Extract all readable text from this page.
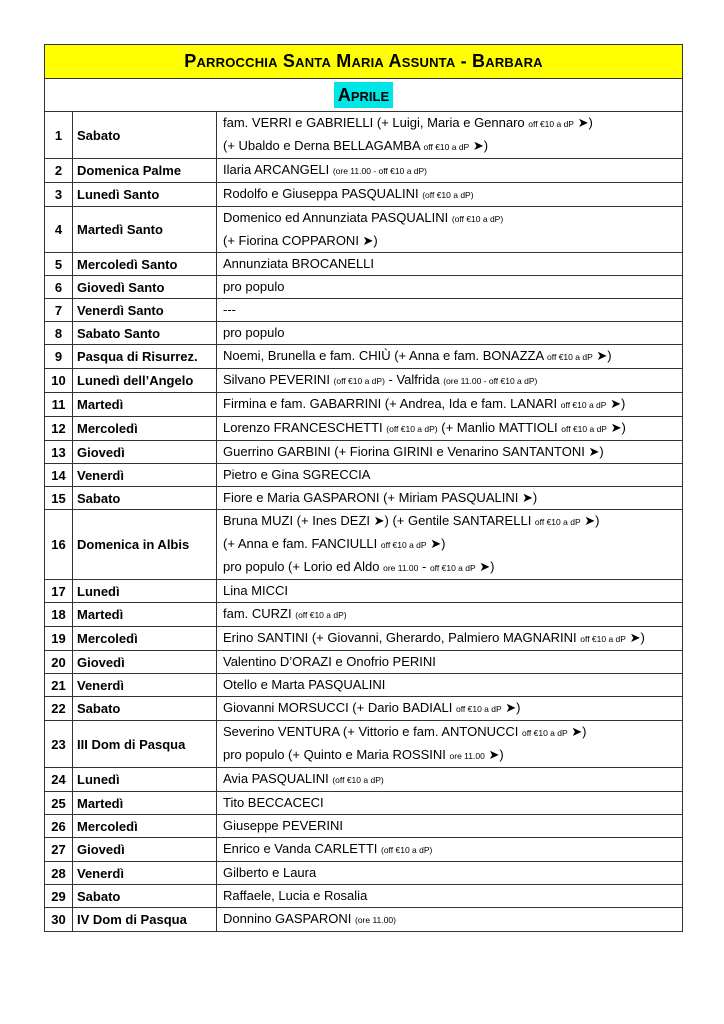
Parrocchia Santa Maria Assunta - Barbara		
Aprile		
1	Sabato	fam. VERRI e GABRIELLI (+ Luigi, Maria e Gennaro off €10 a dP ➤)
(+ Ubaldo e Derna BELLAGAMBA off €10 a dP ➤)

2	Domenica Palme	Ilaria ARCANGELI (ore 11.00 - off €10 a dP)

3	Lunedì Santo	Rodolfo e Giuseppa PASQUALINI (off €10 a dP)

4	Martedì Santo	Domenico ed Annunziata PASQUALINI (off €10 a dP)
(+ Fiorina COPPARONI ➤)

5	Mercoledì Santo	Annunziata BROCANELLI

6	Giovedì Santo	pro populo

7	Venerdì Santo	---

8	Sabato Santo	pro populo

9	Pasqua di Risurrez.	Noemi, Brunella e fam. CHIÙ (+ Anna e fam. BONAZZA off €10 a dP ➤)

10	Lunedì dell’Angelo	Silvano PEVERINI (off €10 a dP) - Valfrida (ore 11.00 - off €10 a dP)

11	Martedì	Firmina e fam. GABARRINI (+ Andrea, Ida e fam. LANARI off €10 a dP ➤)

12	Mercoledì	Lorenzo FRANCESCHETTI (off €10 a dP) (+ Manlio MATTIOLI off €10 a dP ➤)

13	Giovedì	Guerrino GARBINI (+ Fiorina GIRINI e Venarino SANTANTONI ➤)

14	Venerdì	Pietro e Gina SGRECCIA

15	Sabato	Fiore e Maria GASPARONI (+ Miriam PASQUALINI ➤)

16	Domenica in Albis	Bruna MUZI (+ Ines DEZI ➤) (+ Gentile SANTARELLI off €10 a dP ➤)
(+ Anna e fam. FANCIULLI off €10 a dP ➤)
pro populo (+ Lorio ed Aldo ore 11.00 - off €10 a dP ➤)

17	Lunedì	Lina MICCI

18	Martedì	fam. CURZI (off €10 a dP)

19	Mercoledì	Erino SANTINI (+ Giovanni, Gherardo, Palmiero MAGNARINI off €10 a dP ➤)

20	Giovedì	Valentino D’ORAZI e Onofrio PERINI

21	Venerdì	Otello e Marta PASQUALINI

22	Sabato	Giovanni MORSUCCI (+ Dario BADIALI off €10 a dP ➤)

23	III Dom di Pasqua	Severino VENTURA (+ Vittorio e fam. ANTONUCCI off €10 a dP ➤)
pro populo (+ Quinto e Maria ROSSINI ore 11.00 ➤)

24	Lunedì	Avia PASQUALINI (off €10 a dP)

25	Martedì	Tito BECCACECI

26	Mercoledì	Giuseppe PEVERINI

27	Giovedì	Enrico e Vanda CARLETTI (off €10 a dP)

28	Venerdì	Gilberto e Laura

29	Sabato	Raffaele, Lucia e Rosalia

30	IV Dom di Pasqua	Donnino GASPARONI (ore 11.00)
